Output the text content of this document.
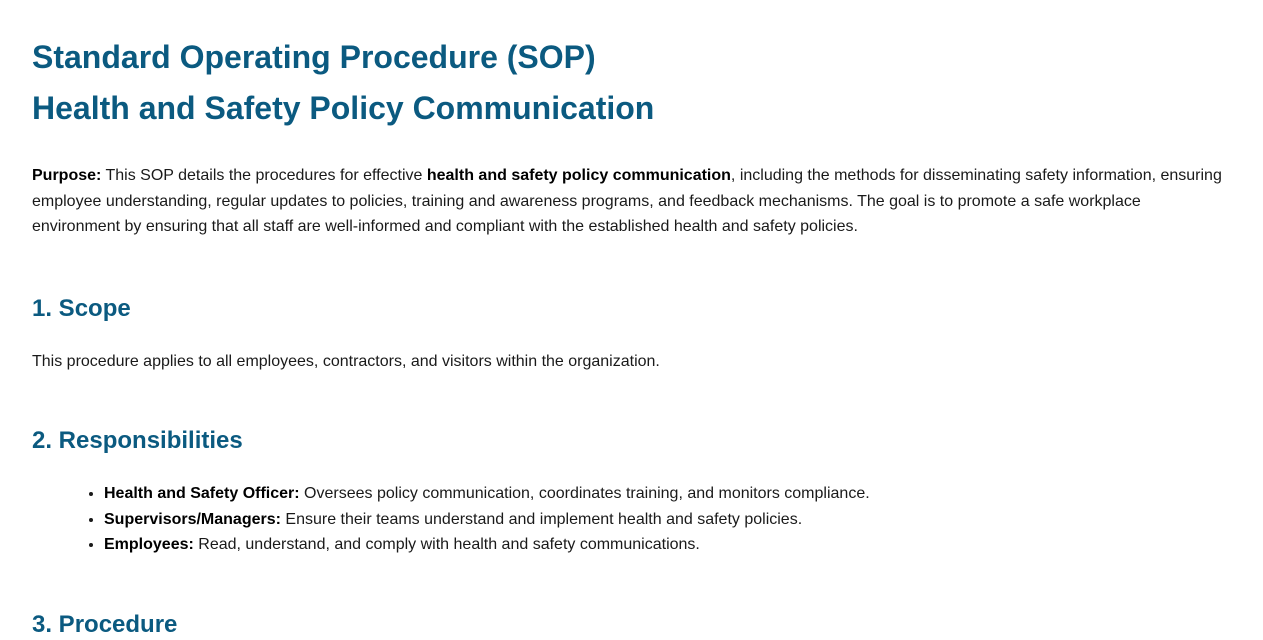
Standard Operating Procedure (SOP)
Health and Safety Policy Communication

Purpose: This SOP details the procedures for effective health and safety policy communication, including the methods for disseminating safety information, ensuring employee understanding, regular updates to policies, training and awareness programs, and feedback mechanisms. The goal is to promote a safe workplace environment by ensuring that all staff are well-informed and compliant with the established health and safety policies.

1. Scope

This procedure applies to all employees, contractors, and visitors within the organization.

2. Responsibilities
• Health and Safety Officer: Oversees policy communication, coordinates training, and monitors compliance.
• Supervisors/Managers: Ensure their teams understand and implement health and safety policies.
• Employees: Read, understand, and comply with health and safety communications.
3. Procedure
